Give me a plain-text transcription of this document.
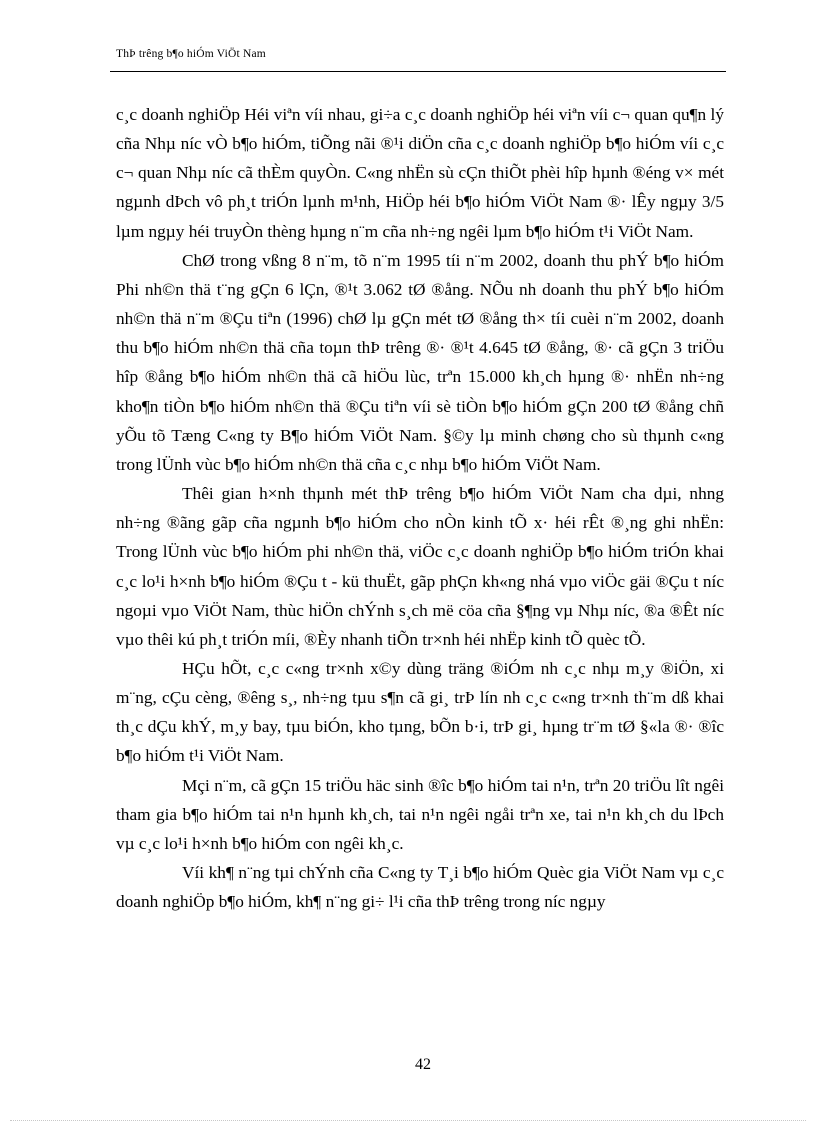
ThÞ trêng b¶o hiÓm ViÖt Nam

c¸c doanh nghiÖp Héi viªn víi nhau, gi÷a c¸c doanh nghiÖp héi viªn víi c¬ quan qu¶n lý cña Nhµ níc vÒ b¶o hiÓm, tiÕng nãi ®¹i diÖn cña c¸c doanh nghiÖp b¶o hiÓm víi c¸c c¬ quan Nhµ níc cã thÈm quyÒn. C«ng nhËn sù cÇn thiÕt phèi hîp hµnh ®éng v× mét ngµnh dÞch vô ph¸t triÓn lµnh m¹nh, HiÖp héi b¶o hiÓm ViÖt Nam ®· lÊy ngµy 3/5 lµm ngµy héi truyÒn thèng hµng n¨m cña nh÷ng ngêi lµm b¶o hiÓm t¹i ViÖt Nam.

ChØ trong vßng 8 n¨m, tõ n¨m 1995 tíi n¨m 2002, doanh thu phÝ b¶o hiÓm Phi nh©n thä t¨ng gÇn 6 lÇn, ®¹t 3.062 tØ ®ång. NÕu nh doanh thu phÝ b¶o hiÓm nh©n thä n¨m ®Çu tiªn (1996) chØ lµ gÇn mét tØ ®ång th× tíi cuèi n¨m 2002, doanh thu b¶o hiÓm nh©n thä cña toµn thÞ trêng ®· ®¹t 4.645 tØ ®ång, ®· cã gÇn 3 triÖu hîp ®ång b¶o hiÓm nh©n thä cã hiÖu lùc, trªn 15.000 kh¸ch hµng ®· nhËn nh÷ng kho¶n tiÒn b¶o hiÓm nh©n thä ®Çu tiªn víi sè tiÒn b¶o hiÓm gÇn 200 tØ ®ång chñ yÕu tõ Tæng C«ng ty B¶o hiÓm ViÖt Nam. §©y lµ minh chøng cho sù thµnh c«ng trong lÜnh vùc b¶o hiÓm nh©n thä cña c¸c nhµ b¶o hiÓm ViÖt Nam.

Thêi gian h×nh thµnh mét thÞ trêng b¶o hiÓm ViÖt Nam cha dµi, nhng nh÷ng ®ãng gãp cña ngµnh b¶o hiÓm cho nÒn kinh tÕ x· héi rÊt ®¸ng ghi nhËn: Trong lÜnh vùc b¶o hiÓm phi nh©n thä, viÖc c¸c doanh nghiÖp b¶o hiÓm triÓn khai c¸c lo¹i h×nh b¶o hiÓm ®Çu t - kü thuËt, gãp phÇn kh«ng nhá vµo viÖc gäi ®Çu t níc ngoµi vµo ViÖt Nam, thùc hiÖn chÝnh s¸ch më cöa cña §¶ng vµ Nhµ níc, ®a ®Êt níc vµo thêi kú ph¸t triÓn míi, ®Èy nhanh tiÕn tr×nh héi nhËp kinh tÕ quèc tÕ.

HÇu hÕt, c¸c c«ng tr×nh x©y dùng träng ®iÓm nh c¸c nhµ m¸y ®iÖn, xi m¨ng, cÇu cèng, ®êng s¸, nh÷ng tµu s¶n cã gi¸ trÞ lín nh c¸c c«ng tr×nh th¨m dß khai th¸c dÇu khÝ, m¸y bay, tµu biÓn, kho tµng, bÕn b·i, trÞ gi¸ hµng tr¨m tØ §«la ®· ®îc b¶o hiÓm t¹i ViÖt Nam.

Mçi n¨m, cã gÇn 15 triÖu häc sinh ®îc b¶o hiÓm tai n¹n, trªn 20 triÖu lît ngêi tham gia b¶o hiÓm tai n¹n hµnh kh¸ch, tai n¹n ngêi ngåi trªn xe, tai n¹n kh¸ch du lÞch vµ c¸c lo¹i h×nh b¶o hiÓm con ngêi kh¸c.

Víi kh¶ n¨ng tµi chÝnh cña C«ng ty T¸i b¶o hiÓm Quèc gia ViÖt Nam vµ c¸c doanh nghiÖp b¶o hiÓm, kh¶ n¨ng gi÷ l¹i cña thÞ trêng trong níc ngµy

42
